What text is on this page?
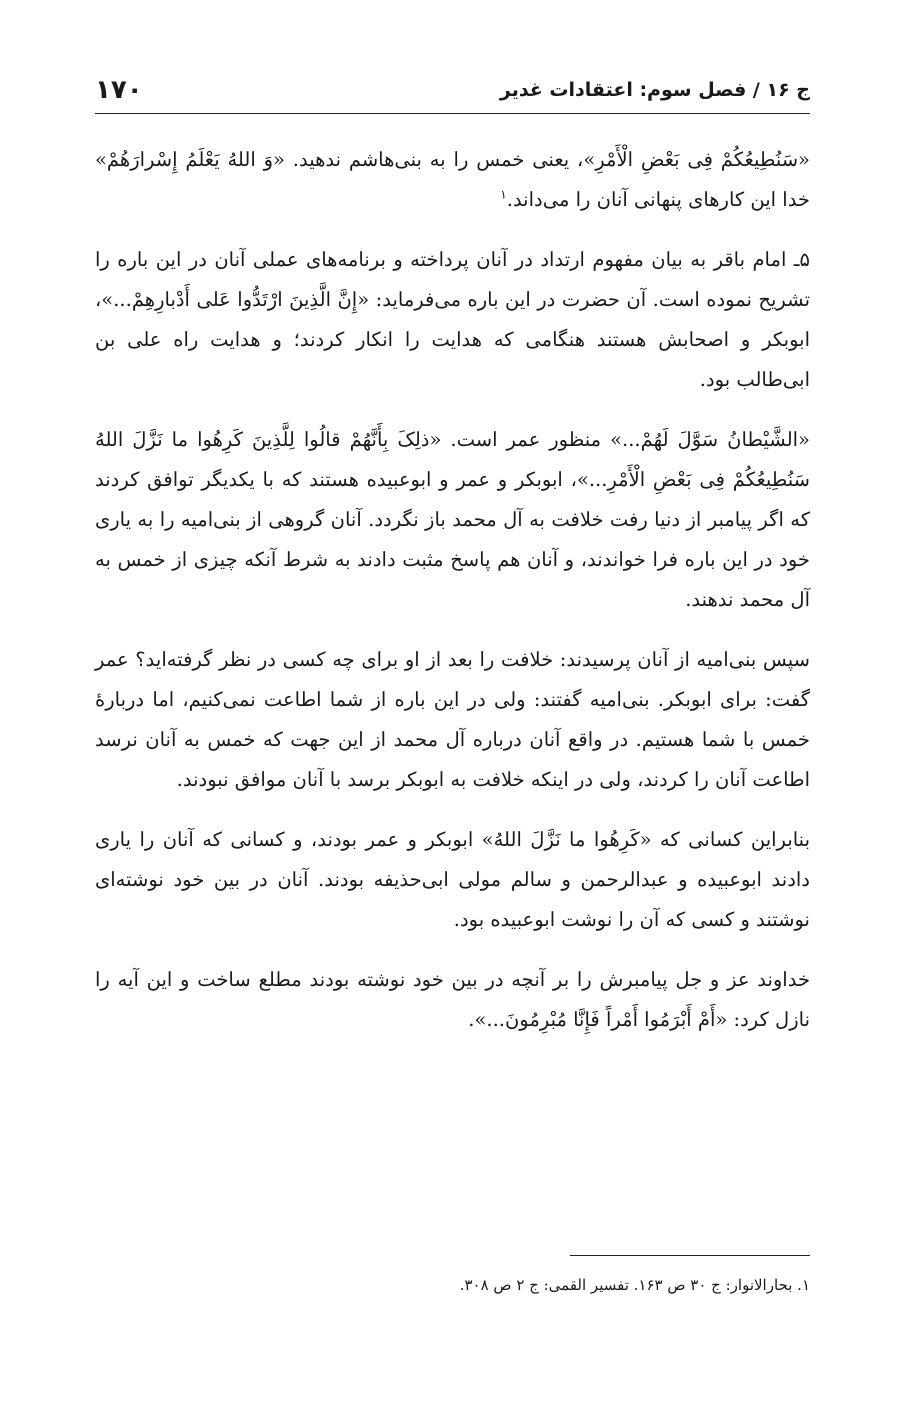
ج ۱۶ / فصل سوم: اعتقادات غدیر
۱۷۰

«سَنُطِیعُکُمْ فِی بَعْضِ الْأَمْرِ»، یعنی خمس را به بنی‌هاشم ندهید. «وَ اللهُ یَعْلَمُ إِسْرارَهُمْ» خدا این کارهای پنهانی آنان را می‌داند.$^۱$

۵ـ امام باقر به بیان مفهوم ارتداد در آنان پرداخته و برنامه‌های عملی آنان در این باره را تشریح نموده است. آن حضرت در این باره می‌فرماید: «إِنَّ الَّذِینَ ارْتَدُّوا عَلی أَدْبارِهِمْ...»، ابوبکر و اصحابش هستند هنگامی که هدایت را انکار کردند؛ و هدایت راه علی بن ابی‌طالب بود.

«الشَّیْطانُ سَوَّلَ لَهُمْ...» منظور عمر است. «ذلِکَ بِأَنَّهُمْ قالُوا لِلَّذِینَ کَرِهُوا ما نَزَّلَ اللهُ سَنُطِیعُکُمْ فِی بَعْضِ الْأَمْرِ...»، ابوبکر و عمر و ابوعبیده هستند که با یکدیگر توافق کردند که اگر پیامبر از دنیا رفت خلافت به آل محمد باز نگردد. آنان گروهی از بنی‌امیه را به یاری خود در این باره فرا خواندند، و آنان هم پاسخ مثبت دادند به شرط آنکه چیزی از خمس به آل محمد ندهند.

سپس بنی‌امیه از آنان پرسیدند: خلافت را بعد از او برای چه کسی در نظر گرفته‌اید؟ عمر گفت: برای ابوبکر. بنی‌امیه گفتند: ولی در این باره از شما اطاعت نمی‌کنیم، اما دربارۀ خمس با شما هستیم. در واقع آنان درباره آل محمد از این جهت که خمس به آنان نرسد اطاعت آنان را کردند، ولی در اینکه خلافت به ابوبکر برسد با آنان موافق نبودند.

بنابراین کسانی که «کَرِهُوا ما نَزَّلَ اللهُ» ابوبکر و عمر بودند، و کسانی که آنان را یاری دادند ابوعبیده و عبدالرحمن و سالم مولی ابی‌حذیفه بودند. آنان در بین خود نوشته‌ای نوشتند و کسی که آن را نوشت ابوعبیده بود.

خداوند عز و جل پیامبرش را بر آنچه در بین خود نوشته بودند مطلع ساخت و این آیه را نازل کرد: «أَمْ أَبْرَمُوا أَمْراً فَإِنَّا مُبْرِمُونَ...».

۱. بحارالانوار: ج ۳۰ ص ۱۶۳. تفسیر القمی: ج ۲ ص ۳۰۸.
